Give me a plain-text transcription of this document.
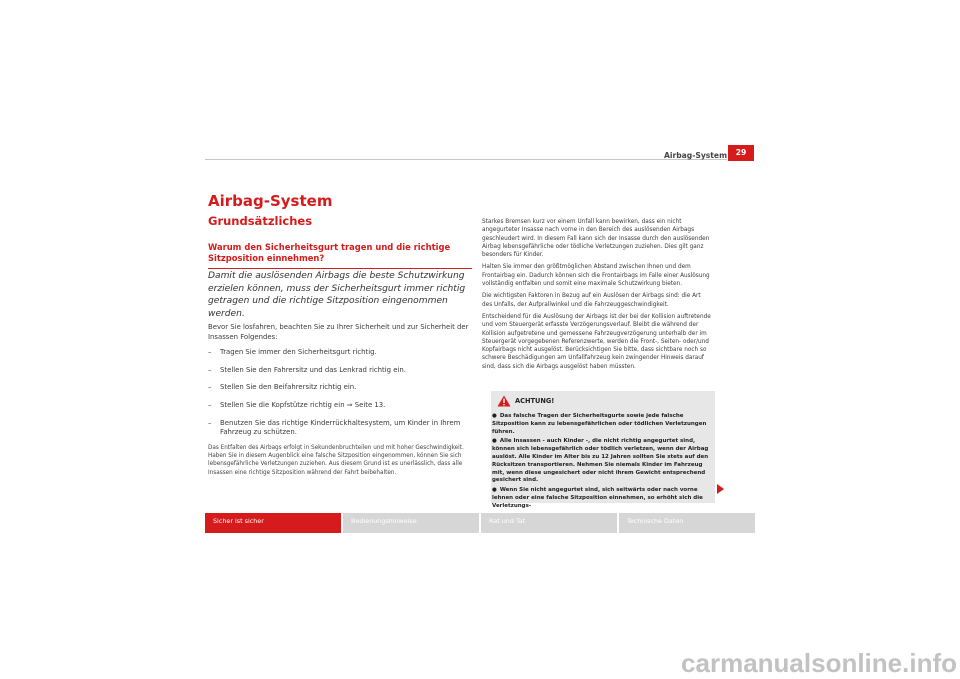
Airbag-System	29
Airbag-System
Grundsätzliches
Warum den Sicherheitsgurt tragen und die richtige Sitzposition einnehmen?
Damit die auslösenden Airbags die beste Schutzwirkung erzielen können, muss der Sicherheitsgurt immer richtig getragen und die richtige Sitzposition eingenommen werden.

Bevor Sie losfahren, beachten Sie zu Ihrer Sicherheit und zur Sicherheit der Insassen Folgendes:

– Tragen Sie immer den Sicherheitsgurt richtig.
– Stellen Sie den Fahrersitz und das Lenkrad richtig ein.
– Stellen Sie den Beifahrersitz richtig ein.
– Stellen Sie die Kopfstütze richtig ein ⇒ Seite 13.
– Benutzen Sie das richtige Kinderrückhaltesystem, um Kinder in Ihrem Fahrzeug zu schützen.
Das Entfalten des Airbags erfolgt in Sekundenbruchteilen und mit hoher Geschwindigkeit. Haben Sie in diesem Augenblick eine falsche Sitzposition eingenommen, können Sie sich lebensgefährliche Verletzungen zuziehen. Aus diesem Grund ist es unerlässlich, dass alle Insassen eine richtige Sitzposition während der Fahrt beibehalten.

Starkes Bremsen kurz vor einem Unfall kann bewirken, dass ein nicht angegurteter Insasse nach vorne in den Bereich des auslösenden Airbags geschleudert wird. In diesem Fall kann sich der Insasse durch den auslösenden Airbag lebensgefährliche oder tödliche Verletzungen zuziehen. Dies gilt ganz besonders für Kinder.

Halten Sie immer den größtmöglichen Abstand zwischen Ihnen und dem Frontairbag ein. Dadurch können sich die Frontairbags im Falle einer Auslösung vollständig entfalten und somit eine maximale Schutzwirkung bieten.

Die wichtigsten Faktoren in Bezug auf ein Auslösen der Airbags sind: die Art des Unfalls, der Aufprallwinkel und die Fahrzeuggeschwindigkeit.

Entscheidend für die Auslösung der Airbags ist der bei der Kollision auftretende und vom Steuergerät erfasste Verzögerungsverlauf. Bleibt die während der Kollision aufgetretene und gemessene Fahrzeugverzögerung unterhalb der im Steuergerät vorgegebenen Referenzwerte, werden die Front-, Seiten- oder/und Kopfairbags nicht ausgelöst. Berücksichtigen Sie bitte, dass sichtbare noch so schwere Beschädigungen am Unfallfahrzeug kein zwingender Hinweis darauf sind, dass sich die Airbags ausgelöst haben müssten.

ACHTUNG!
● Das falsche Tragen der Sicherheitsgurte sowie jede falsche Sitzposition kann zu lebensgefährlichen oder tödlichen Verletzungen führen.
● Alle Insassen - auch Kinder -, die nicht richtig angegurtet sind, können sich lebensgefährlich oder tödlich verletzen, wenn der Airbag auslöst. Alle Kinder im Alter bis zu 12 Jahren sollten Sie stets auf den Rücksitzen transportieren. Nehmen Sie niemals Kinder im Fahrzeug mit, wenn diese ungesichert oder nicht ihrem Gewicht entsprechend gesichert sind.
● Wenn Sie nicht angegurtet sind, sich seitwärts oder nach vorne lehnen oder eine falsche Sitzposition einnehmen, so erhöht sich die Verletzungs-
Sicher ist sicher	Bedienungshinweise	Rat und Tat	Technische Daten
carmanualsonline.info
